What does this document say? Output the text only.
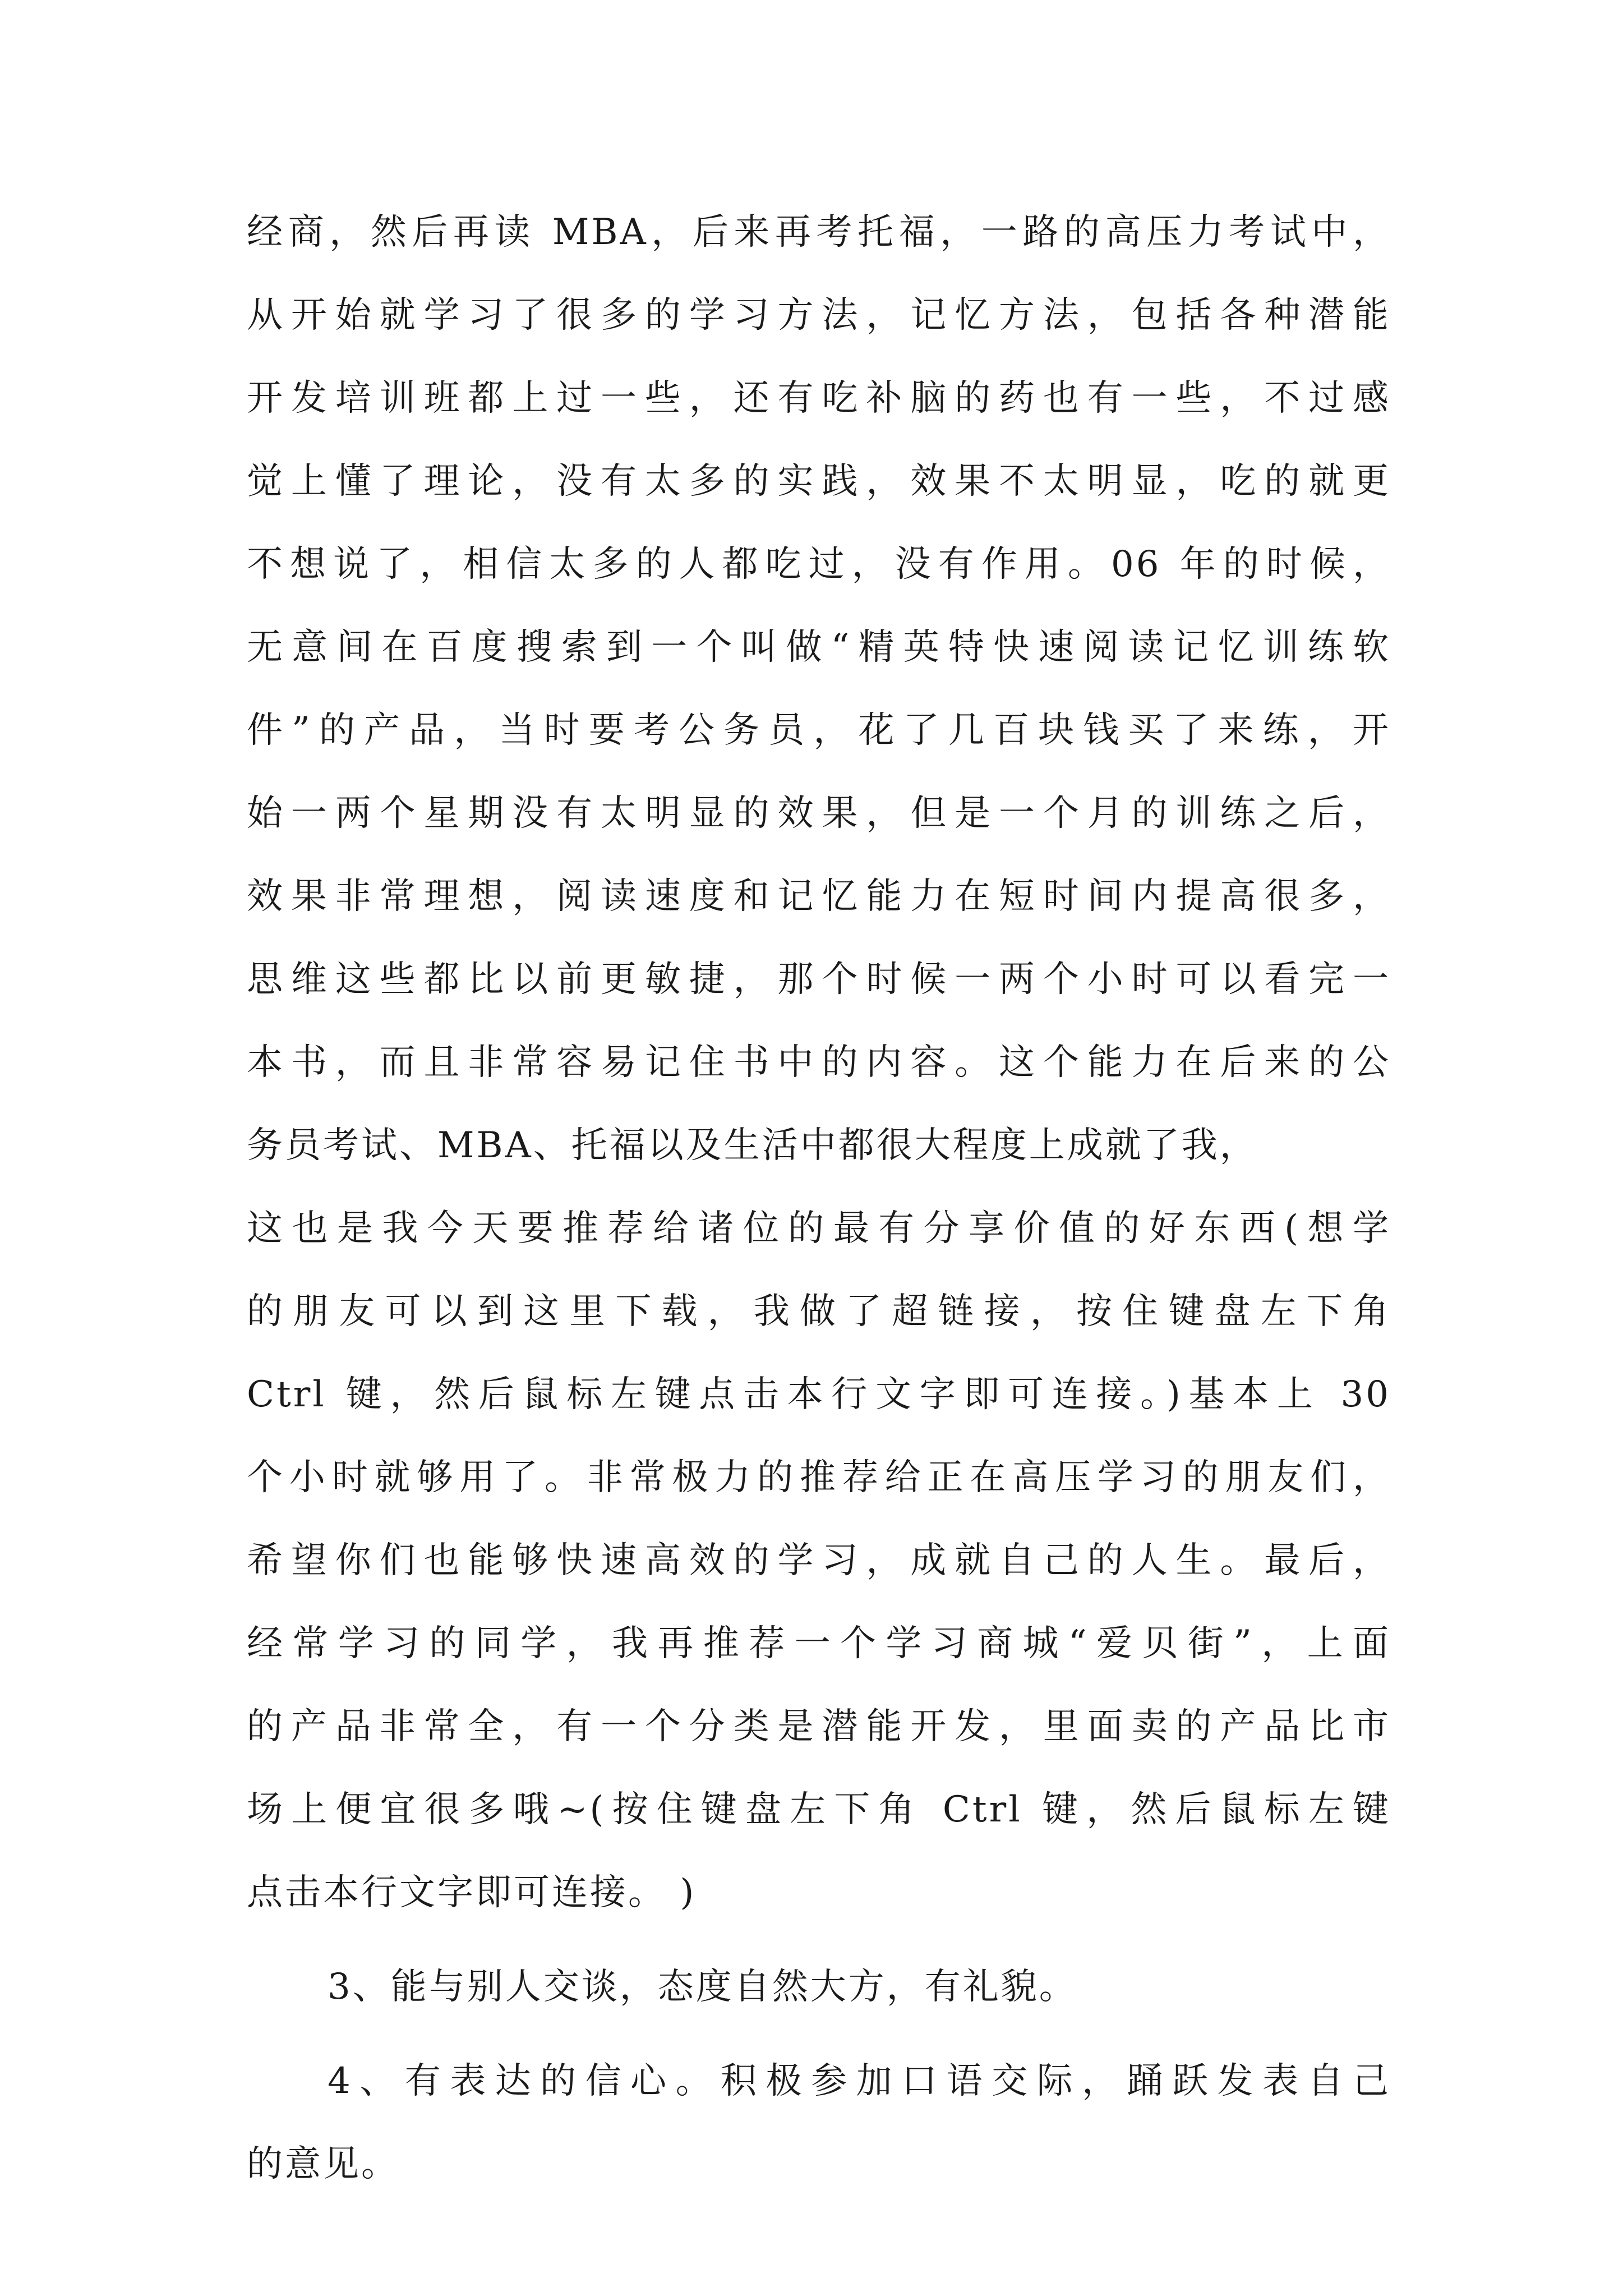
经商，然后再读 MBA，后来再考托福，一路的高压力考试中，
从开始就学习了很多的学习方法，记忆方法，包括各种潜能
开发培训班都上过一些，还有吃补脑的药也有一些，不过感
觉上懂了理论，没有太多的实践，效果不太明显，吃的就更
不想说了，相信太多的人都吃过，没有作用。06 年的时候，
无意间在百度搜索到一个叫做“精英特快速阅读记忆训练软
件”的产品，当时要考公务员，花了几百块钱买了来练，开
始一两个星期没有太明显的效果，但是一个月的训练之后，
效果非常理想，阅读速度和记忆能力在短时间内提高很多，
思维这些都比以前更敏捷，那个时候一两个小时可以看完一
本书，而且非常容易记住书中的内容。这个能力在后来的公
务员考试、MBA、托福以及生活中都很大程度上成就了我，
这也是我今天要推荐给诸位的最有分享价值的好东西(想学
的朋友可以到这里下载，我做了超链接，按住键盘左下角
Ctrl 键，然后鼠标左键点击本行文字即可连接。)基本上 30
个小时就够用了。非常极力的推荐给正在高压学习的朋友们，
希望你们也能够快速高效的学习，成就自己的人生。最后，
经常学习的同学，我再推荐一个学习商城“爱贝街”，上面
的产品非常全，有一个分类是潜能开发，里面卖的产品比市
场上便宜很多哦~(按住键盘左下角 Ctrl 键，然后鼠标左键
点击本行文字即可连接。 )
3、能与别人交谈，态度自然大方，有礼貌。
4、有表达的信心。积极参加口语交际，踊跃发表自己
的意见。
